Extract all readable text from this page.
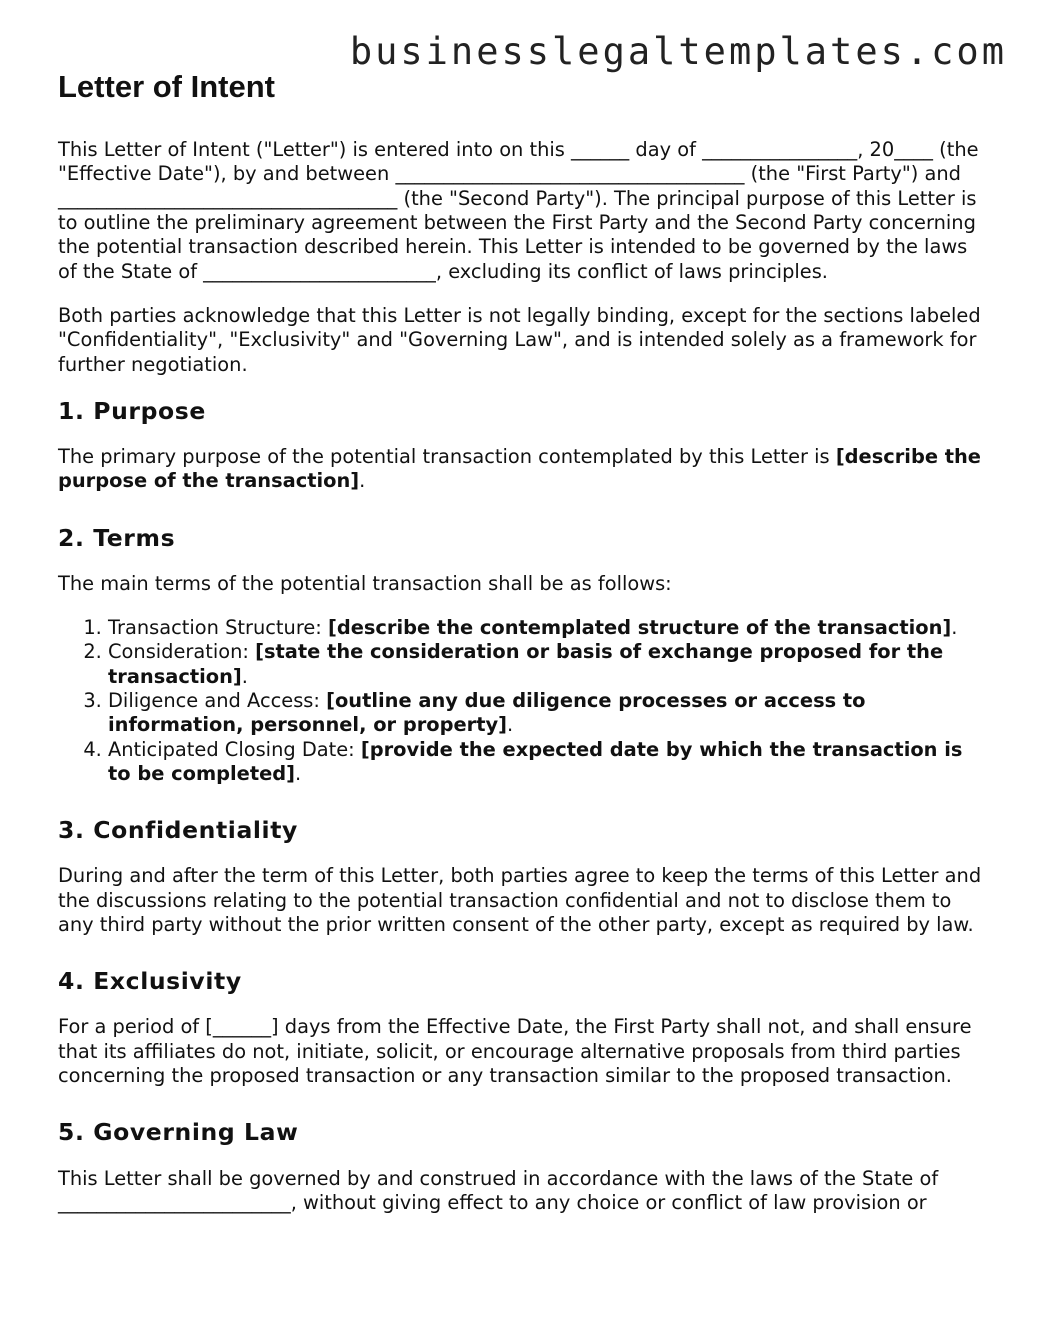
businesslegaltemplates.com
Letter of Intent

This Letter of Intent ("Letter") is entered into on this ______ day of ________________, 20____ (the "Effective Date"), by and between ____________________________________ (the "First Party") and ___________________________________ (the "Second Party"). The principal purpose of this Letter is to outline the preliminary agreement between the First Party and the Second Party concerning the potential transaction described herein. This Letter is intended to be governed by the laws of the State of ________________________, excluding its conflict of laws principles.

Both parties acknowledge that this Letter is not legally binding, except for the sections labeled "Confidentiality", "Exclusivity" and "Governing Law", and is intended solely as a framework for further negotiation.

1. Purpose

The primary purpose of the potential transaction contemplated by this Letter is [describe the purpose of the transaction].

2. Terms

The main terms of the potential transaction shall be as follows:

1. Transaction Structure: [describe the contemplated structure of the transaction].
2. Consideration: [state the consideration or basis of exchange proposed for the transaction].
3. Diligence and Access: [outline any due diligence processes or access to information, personnel, or property].
4. Anticipated Closing Date: [provide the expected date by which the transaction is to be completed].
3. Confidentiality

During and after the term of this Letter, both parties agree to keep the terms of this Letter and the discussions relating to the potential transaction confidential and not to disclose them to any third party without the prior written consent of the other party, except as required by law.

4. Exclusivity

For a period of [______] days from the Effective Date, the First Party shall not, and shall ensure that its affiliates do not, initiate, solicit, or encourage alternative proposals from third parties concerning the proposed transaction or any transaction similar to the proposed transaction.

5. Governing Law

This Letter shall be governed by and construed in accordance with the laws of the State of ________________________, without giving effect to any choice or conflict of law provision or
